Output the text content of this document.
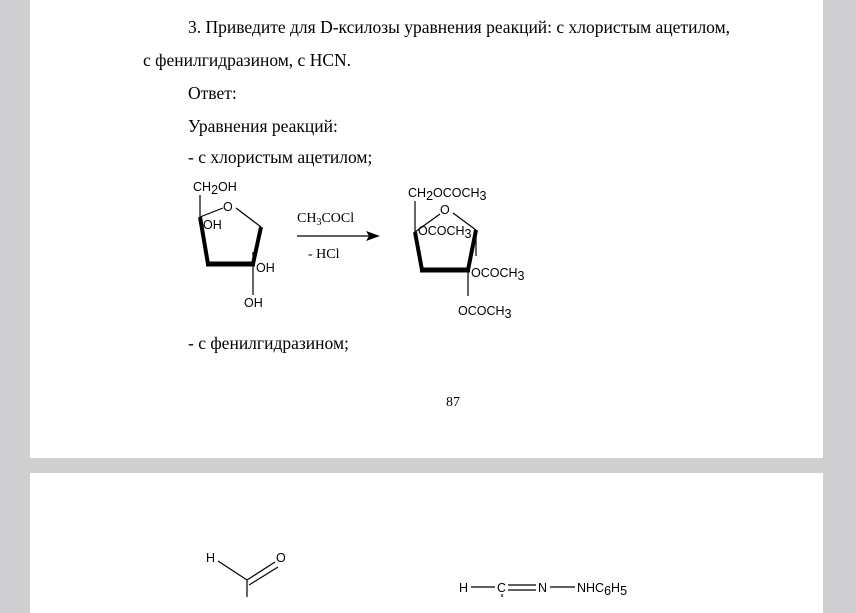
3. Приведите для D-ксилозы уравнения реакций: с хлористым ацетилом,
с фенилгидразином, с HCN.
Ответ:
Уравнения реакций:
- с хлористым ацетилом;
CH2OH
O
OH
OH
OH
$CH_3COCl$
- HCl
CH2OCOCH3
O
OCOCH3
OCOCH3
OCOCH3
- с фенилгидразином;
87
H	O
H C	N NHC6H5
